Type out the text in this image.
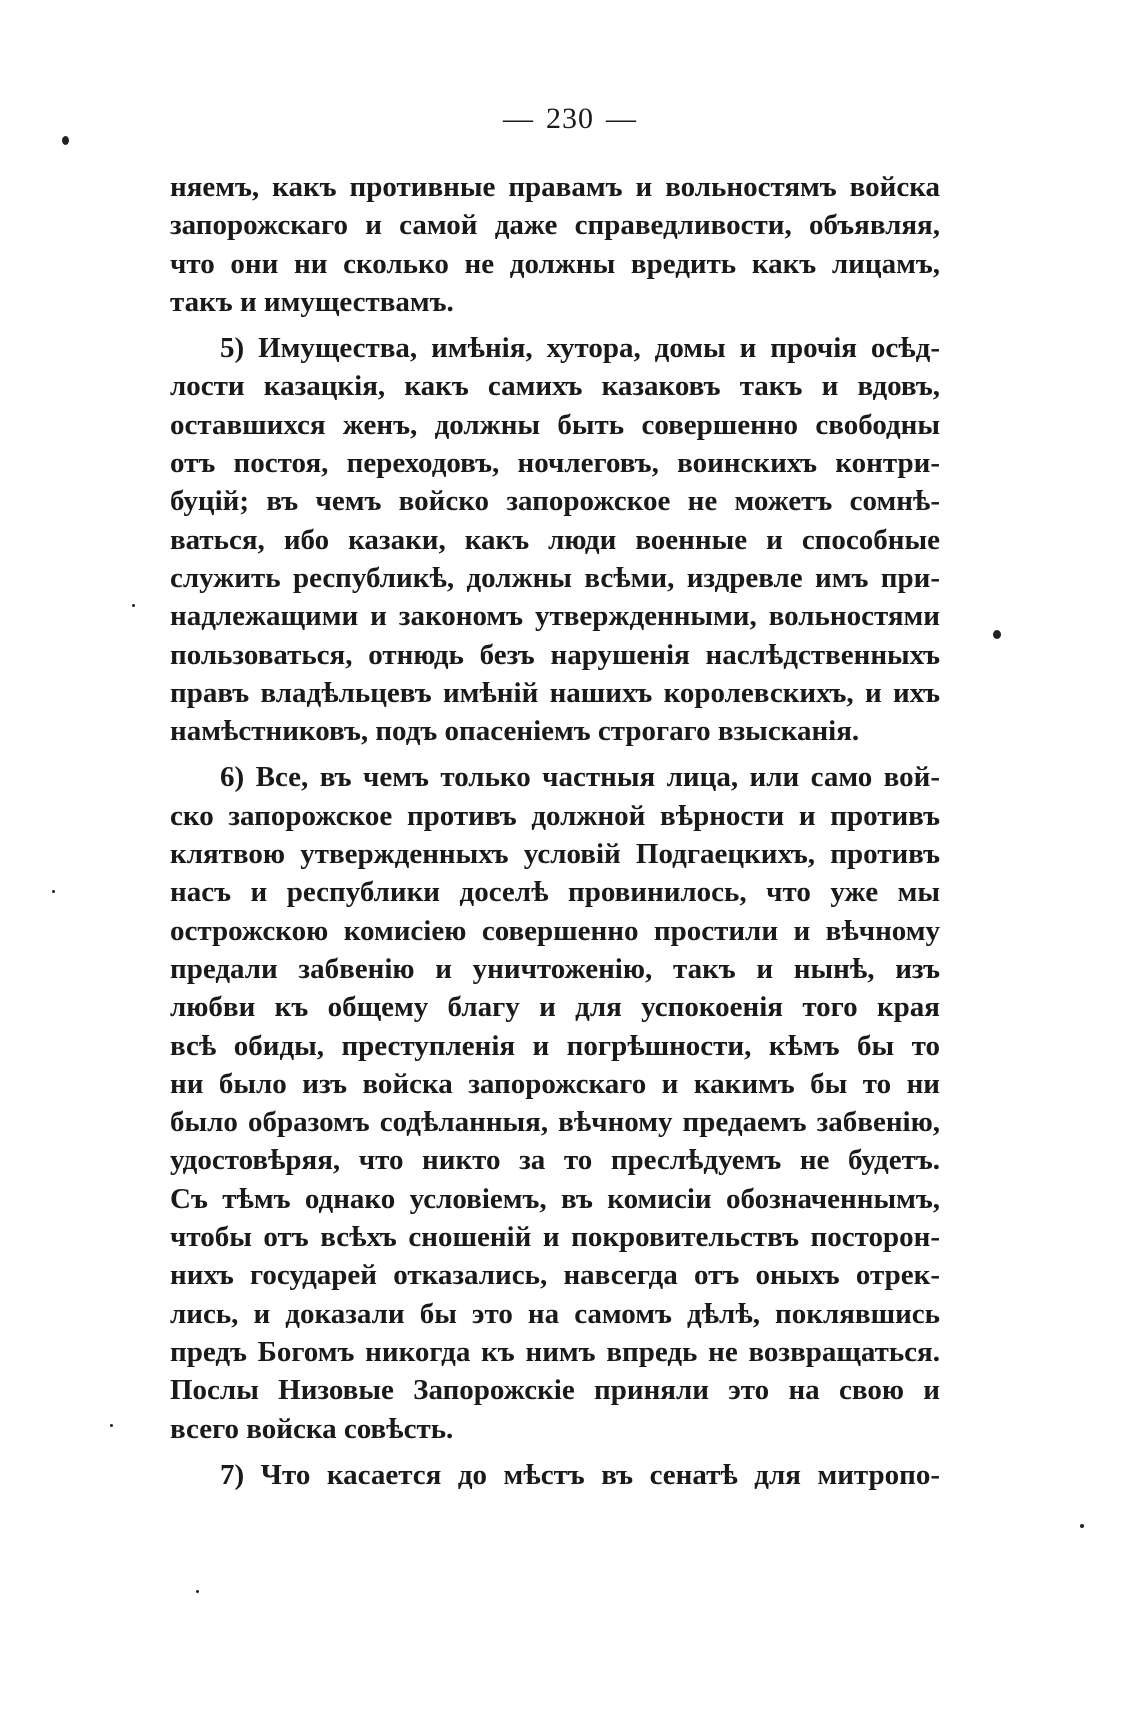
— 230 —
няемъ, какъ противные правамъ и вольностямъ войска
запорожскаго и самой даже справедливости, объявляя,
что они ни сколько не должны вредить какъ лицамъ,
такъ и имуществамъ.
5) Имущества, имѣнія, хутора, домы и прочія осѣд-
лости казацкія, какъ самихъ казаковъ такъ и вдовъ,
оставшихся женъ, должны быть совершенно свободны
отъ постоя, переходовъ, ночлеговъ, воинскихъ контри-
буцій; въ чемъ войско запорожское не можетъ сомнѣ-
ваться, ибо казаки, какъ люди военные и способные
служить республикѣ, должны всѣми, издревле имъ при-
надлежащими и закономъ утвержденными, вольностями
пользоваться, отнюдь безъ нарушенія наслѣдственныхъ
правъ владѣльцевъ имѣній нашихъ королевскихъ, и ихъ
намѣстниковъ, подъ опасеніемъ строгаго взысканія.
6) Все, въ чемъ только частныя лица, или само вой-
ско запорожское противъ должной вѣрности и противъ
клятвою утвержденныхъ условій Подгаецкихъ, противъ
насъ и республики доселѣ провинилось, что уже мы
острожскою комисіею совершенно простили и вѣчному
предали забвенію и уничтоженію, такъ и нынѣ, изъ
любви къ общему благу и для успокоенія того края
всѣ обиды, преступленія и погрѣшности, кѣмъ бы то
ни было изъ войска запорожскаго и какимъ бы то ни
было образомъ содѣланныя, вѣчному предаемъ забвенію,
удостовѣряя, что никто за то преслѣдуемъ не будетъ.
Съ тѣмъ однако условіемъ, въ комисіи обозначеннымъ,
чтобы отъ всѣхъ сношеній и покровительствъ посторон-
нихъ государей отказались, навсегда отъ оныхъ отрек-
лись, и доказали бы это на самомъ дѣлѣ, поклявшись
предъ Богомъ никогда къ нимъ впредь не возвращаться.
Послы Низовые Запорожскіе приняли это на свою и
всего войска совѣсть.
7) Что касается до мѣстъ въ сенатѣ для митропо-
